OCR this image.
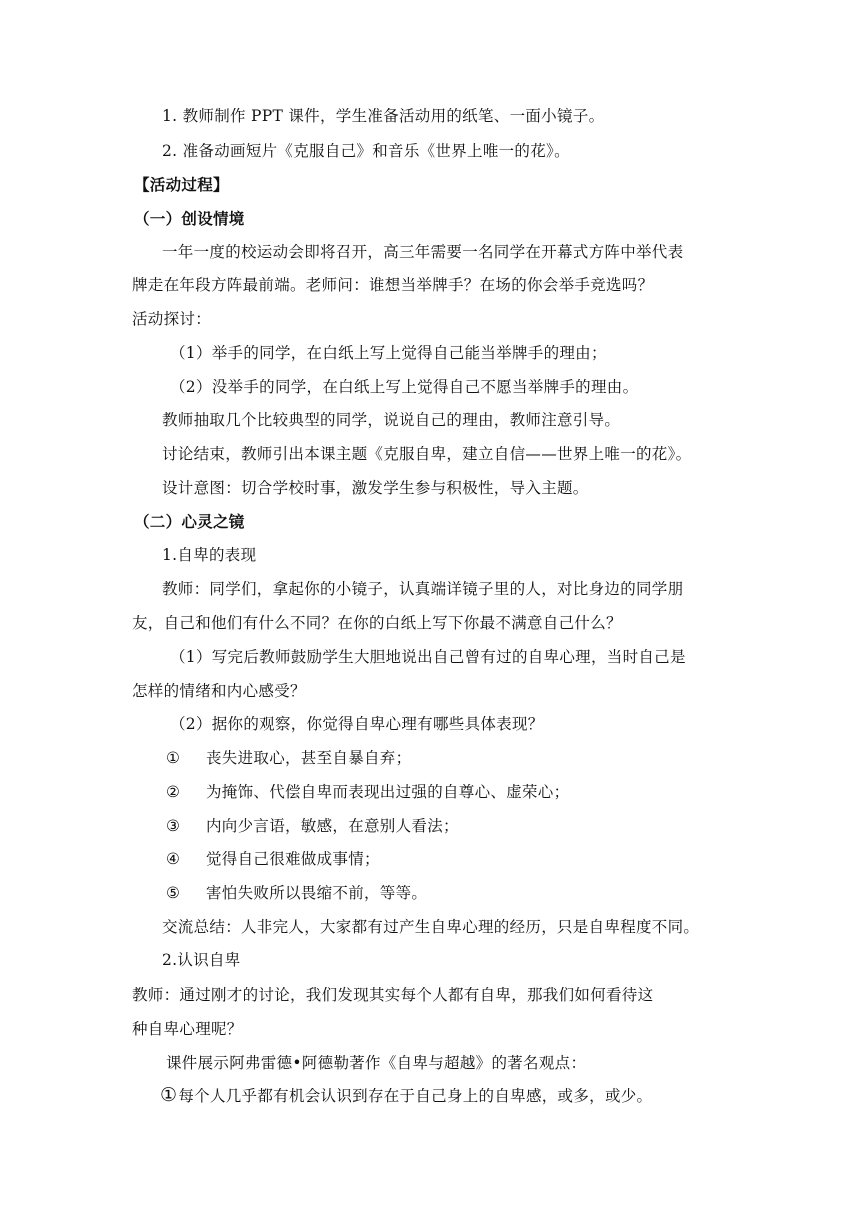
1. 教师制作 PPT 课件，学生准备活动用的纸笔、一面小镜子。
2. 准备动画短片《克服自己》和音乐《世界上唯一的花》。
【活动过程】
（一）创设情境
一年一度的校运动会即将召开，高三年需要一名同学在开幕式方阵中举代表
牌走在年段方阵最前端。老师问：谁想当举牌手？在场的你会举手竞选吗？
活动探讨：
（1）举手的同学，在白纸上写上觉得自己能当举牌手的理由；
（2）没举手的同学，在白纸上写上觉得自己不愿当举牌手的理由。
教师抽取几个比较典型的同学，说说自己的理由，教师注意引导。
讨论结束，教师引出本课主题《克服自卑，建立自信——世界上唯一的花》。
设计意图：切合学校时事，激发学生参与积极性，导入主题。
（二）心灵之镜
1.自卑的表现
教师：同学们，拿起你的小镜子，认真端详镜子里的人，对比身边的同学朋
友，自己和他们有什么不同？在你的白纸上写下你最不满意自己什么？
（1）写完后教师鼓励学生大胆地说出自己曾有过的自卑心理，当时自己是
怎样的情绪和内心感受？
（2）据你的观察，你觉得自卑心理有哪些具体表现？
① 丧失进取心，甚至自暴自弃；
② 为掩饰、代偿自卑而表现出过强的自尊心、虚荣心；
③ 内向少言语，敏感，在意别人看法；
④ 觉得自己很难做成事情；
⑤ 害怕失败所以畏缩不前，等等。
交流总结：人非完人，大家都有过产生自卑心理的经历，只是自卑程度不同。
2.认识自卑
教师：通过刚才的讨论，我们发现其实每个人都有自卑，那我们如何看待这
种自卑心理呢？
课件展示阿弗雷德•阿德勒著作《自卑与超越》的著名观点：
①每个人几乎都有机会认识到存在于自己身上的自卑感，或多，或少。
